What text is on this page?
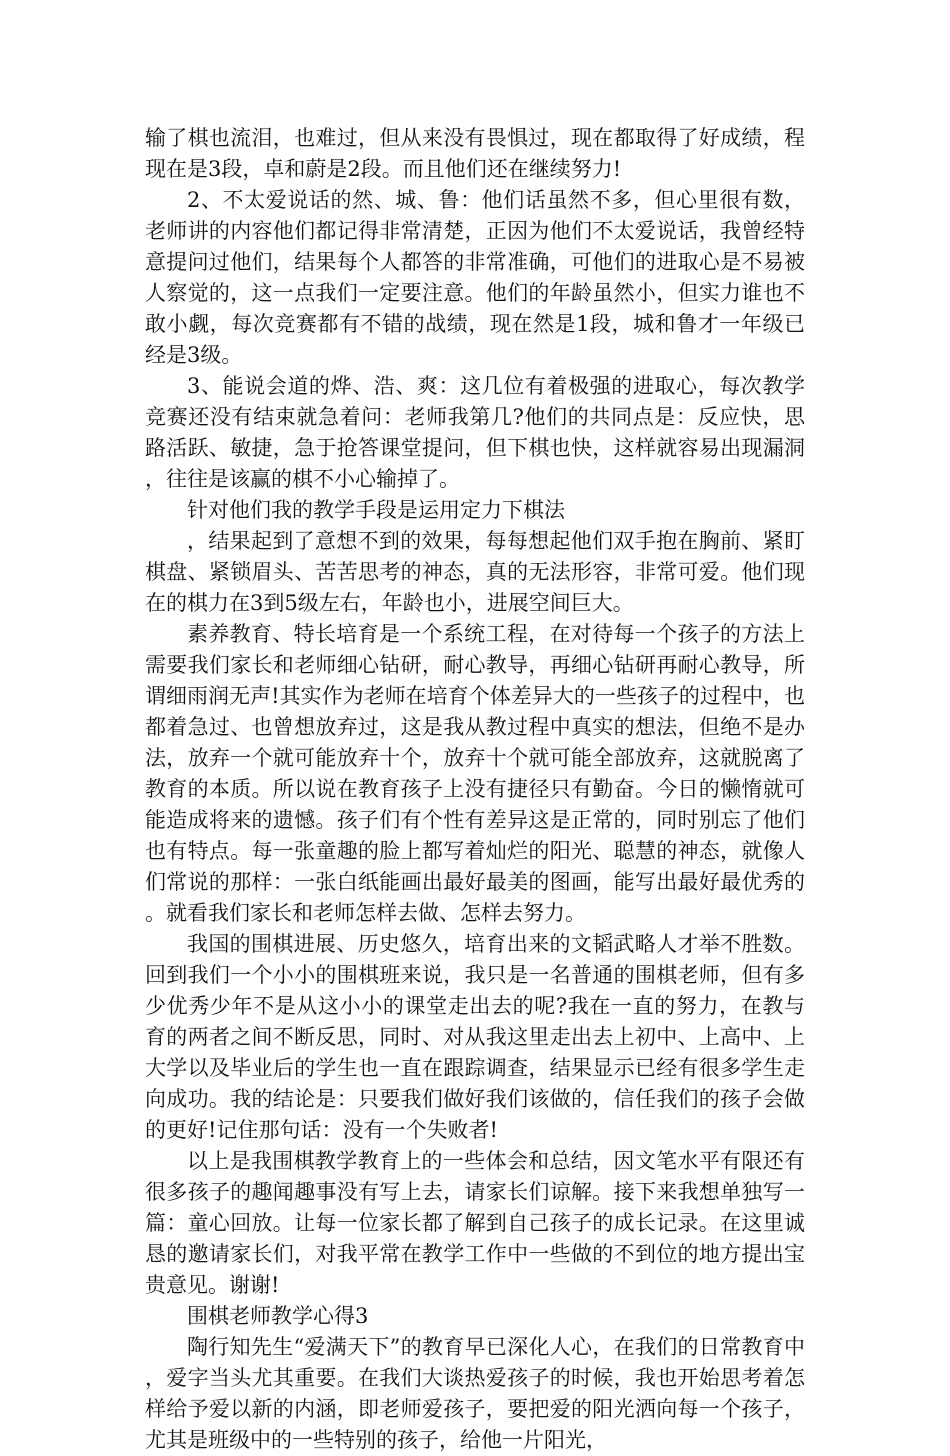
输了棋也流泪，也难过，但从来没有畏惧过，现在都取得了好成绩，程现在是3段，卓和蔚是2段。而且他们还在继续努力!

2、不太爱说话的然、城、鲁：他们话虽然不多，但心里很有数，老师讲的内容他们都记得非常清楚，正因为他们不太爱说话，我曾经特意提问过他们，结果每个人都答的非常准确，可他们的进取心是不易被人察觉的，这一点我们一定要注意。他们的年龄虽然小，但实力谁也不敢小觑，每次竞赛都有不错的战绩，现在然是1段，城和鲁才一年级已经是3级。

3、能说会道的烨、浩、爽：这几位有着极强的进取心，每次教学竞赛还没有结束就急着问：老师我第几?他们的共同点是：反应快，思路活跃、敏捷，急于抢答课堂提问，但下棋也快，这样就容易出现漏洞，往往是该赢的棋不小心输掉了。

针对他们我的教学手段是运用定力下棋法

，结果起到了意想不到的效果，每每想起他们双手抱在胸前、紧盯棋盘、紧锁眉头、苦苦思考的神态，真的无法形容，非常可爱。他们现在的棋力在3到5级左右，年龄也小，进展空间巨大。

素养教育、特长培育是一个系统工程，在对待每一个孩子的方法上需要我们家长和老师细心钻研，耐心教导，再细心钻研再耐心教导，所谓细雨润无声!其实作为老师在培育个体差异大的一些孩子的过程中，也都着急过、也曾想放弃过，这是我从教过程中真实的想法，但绝不是办法，放弃一个就可能放弃十个，放弃十个就可能全部放弃，这就脱离了教育的本质。所以说在教育孩子上没有捷径只有勤奋。今日的懒惰就可能造成将来的遗憾。孩子们有个性有差异这是正常的，同时别忘了他们也有特点。每一张童趣的脸上都写着灿烂的阳光、聪慧的神态，就像人们常说的那样：一张白纸能画出最好最美的图画，能写出最好最优秀的。就看我们家长和老师怎样去做、怎样去努力。

我国的围棋进展、历史悠久，培育出来的文韬武略人才举不胜数。回到我们一个小小的围棋班来说，我只是一名普通的围棋老师，但有多少优秀少年不是从这小小的课堂走出去的呢?我在一直的努力，在教与育的两者之间不断反思，同时、对从我这里走出去上初中、上高中、上大学以及毕业后的学生也一直在跟踪调查，结果显示已经有很多学生走向成功。我的结论是：只要我们做好我们该做的，信任我们的孩子会做的更好!记住那句话：没有一个失败者!

以上是我围棋教学教育上的一些体会和总结，因文笔水平有限还有很多孩子的趣闻趣事没有写上去，请家长们谅解。接下来我想单独写一篇：童心回放。让每一位家长都了解到自己孩子的成长记录。在这里诚恳的邀请家长们，对我平常在教学工作中一些做的不到位的地方提出宝贵意见。谢谢!

围棋老师教学心得3

陶行知先生“爱满天下”的教育早已深化人心，在我们的日常教育中，爱字当头尤其重要。在我们大谈热爱孩子的时候，我也开始思考着怎样给予爱以新的内涵，即老师爱孩子，要把爱的阳光洒向每一个孩子，尤其是班级中的一些特别的孩子，给他一片阳光，
